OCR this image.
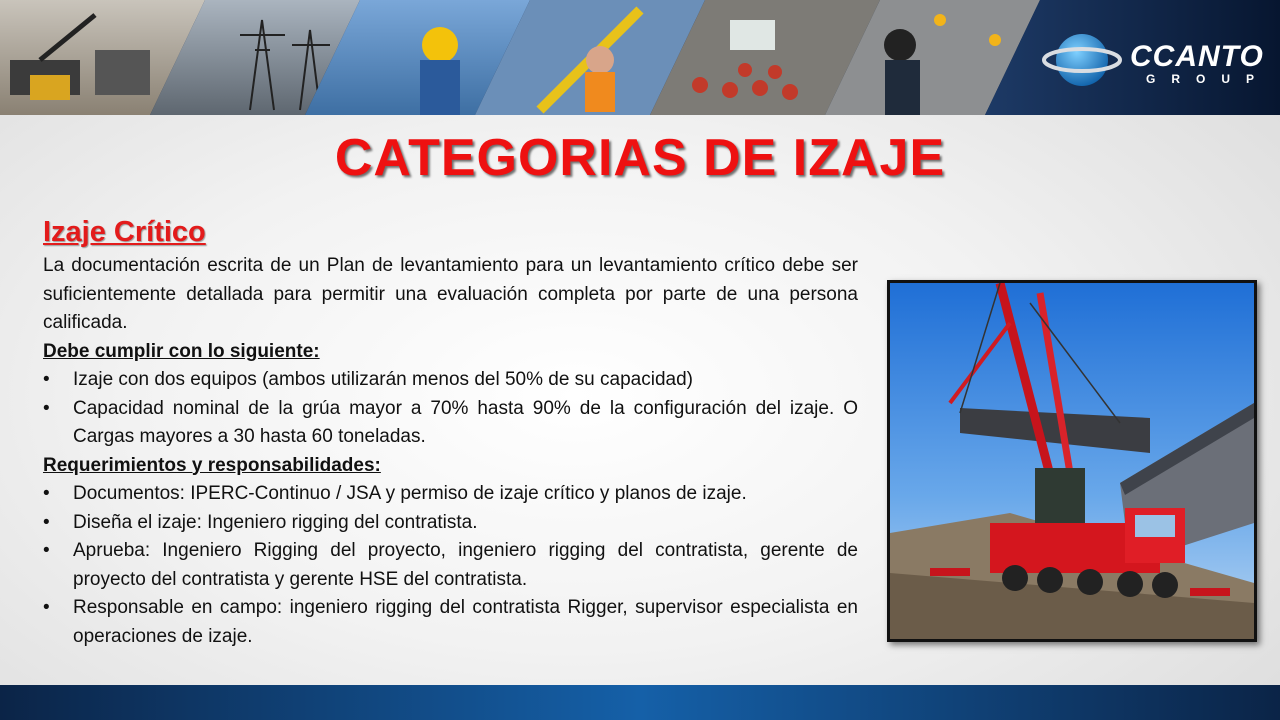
CCANTO
GROUP
CATEGORIAS DE IZAJE
Izaje Crítico
La documentación escrita de un Plan de levantamiento para un levantamiento crítico debe ser suficientemente detallada para permitir una evaluación completa por parte de una persona calificada.
Debe cumplir con lo siguiente:
• Izaje con dos equipos (ambos utilizarán menos del 50% de su capacidad)
• Capacidad nominal de la grúa mayor a 70% hasta 90% de la configuración del izaje. O Cargas mayores a 30 hasta 60 toneladas.
Requerimientos y responsabilidades:
• Documentos: IPERC-Continuo / JSA y permiso de izaje crítico y planos de izaje.
• Diseña el izaje: Ingeniero rigging del contratista.
• Aprueba: Ingeniero Rigging del proyecto, ingeniero rigging del contratista, gerente de proyecto del contratista y gerente HSE del contratista.
• Responsable en campo: ingeniero rigging del contratista Rigger, supervisor especialista en operaciones de izaje.
